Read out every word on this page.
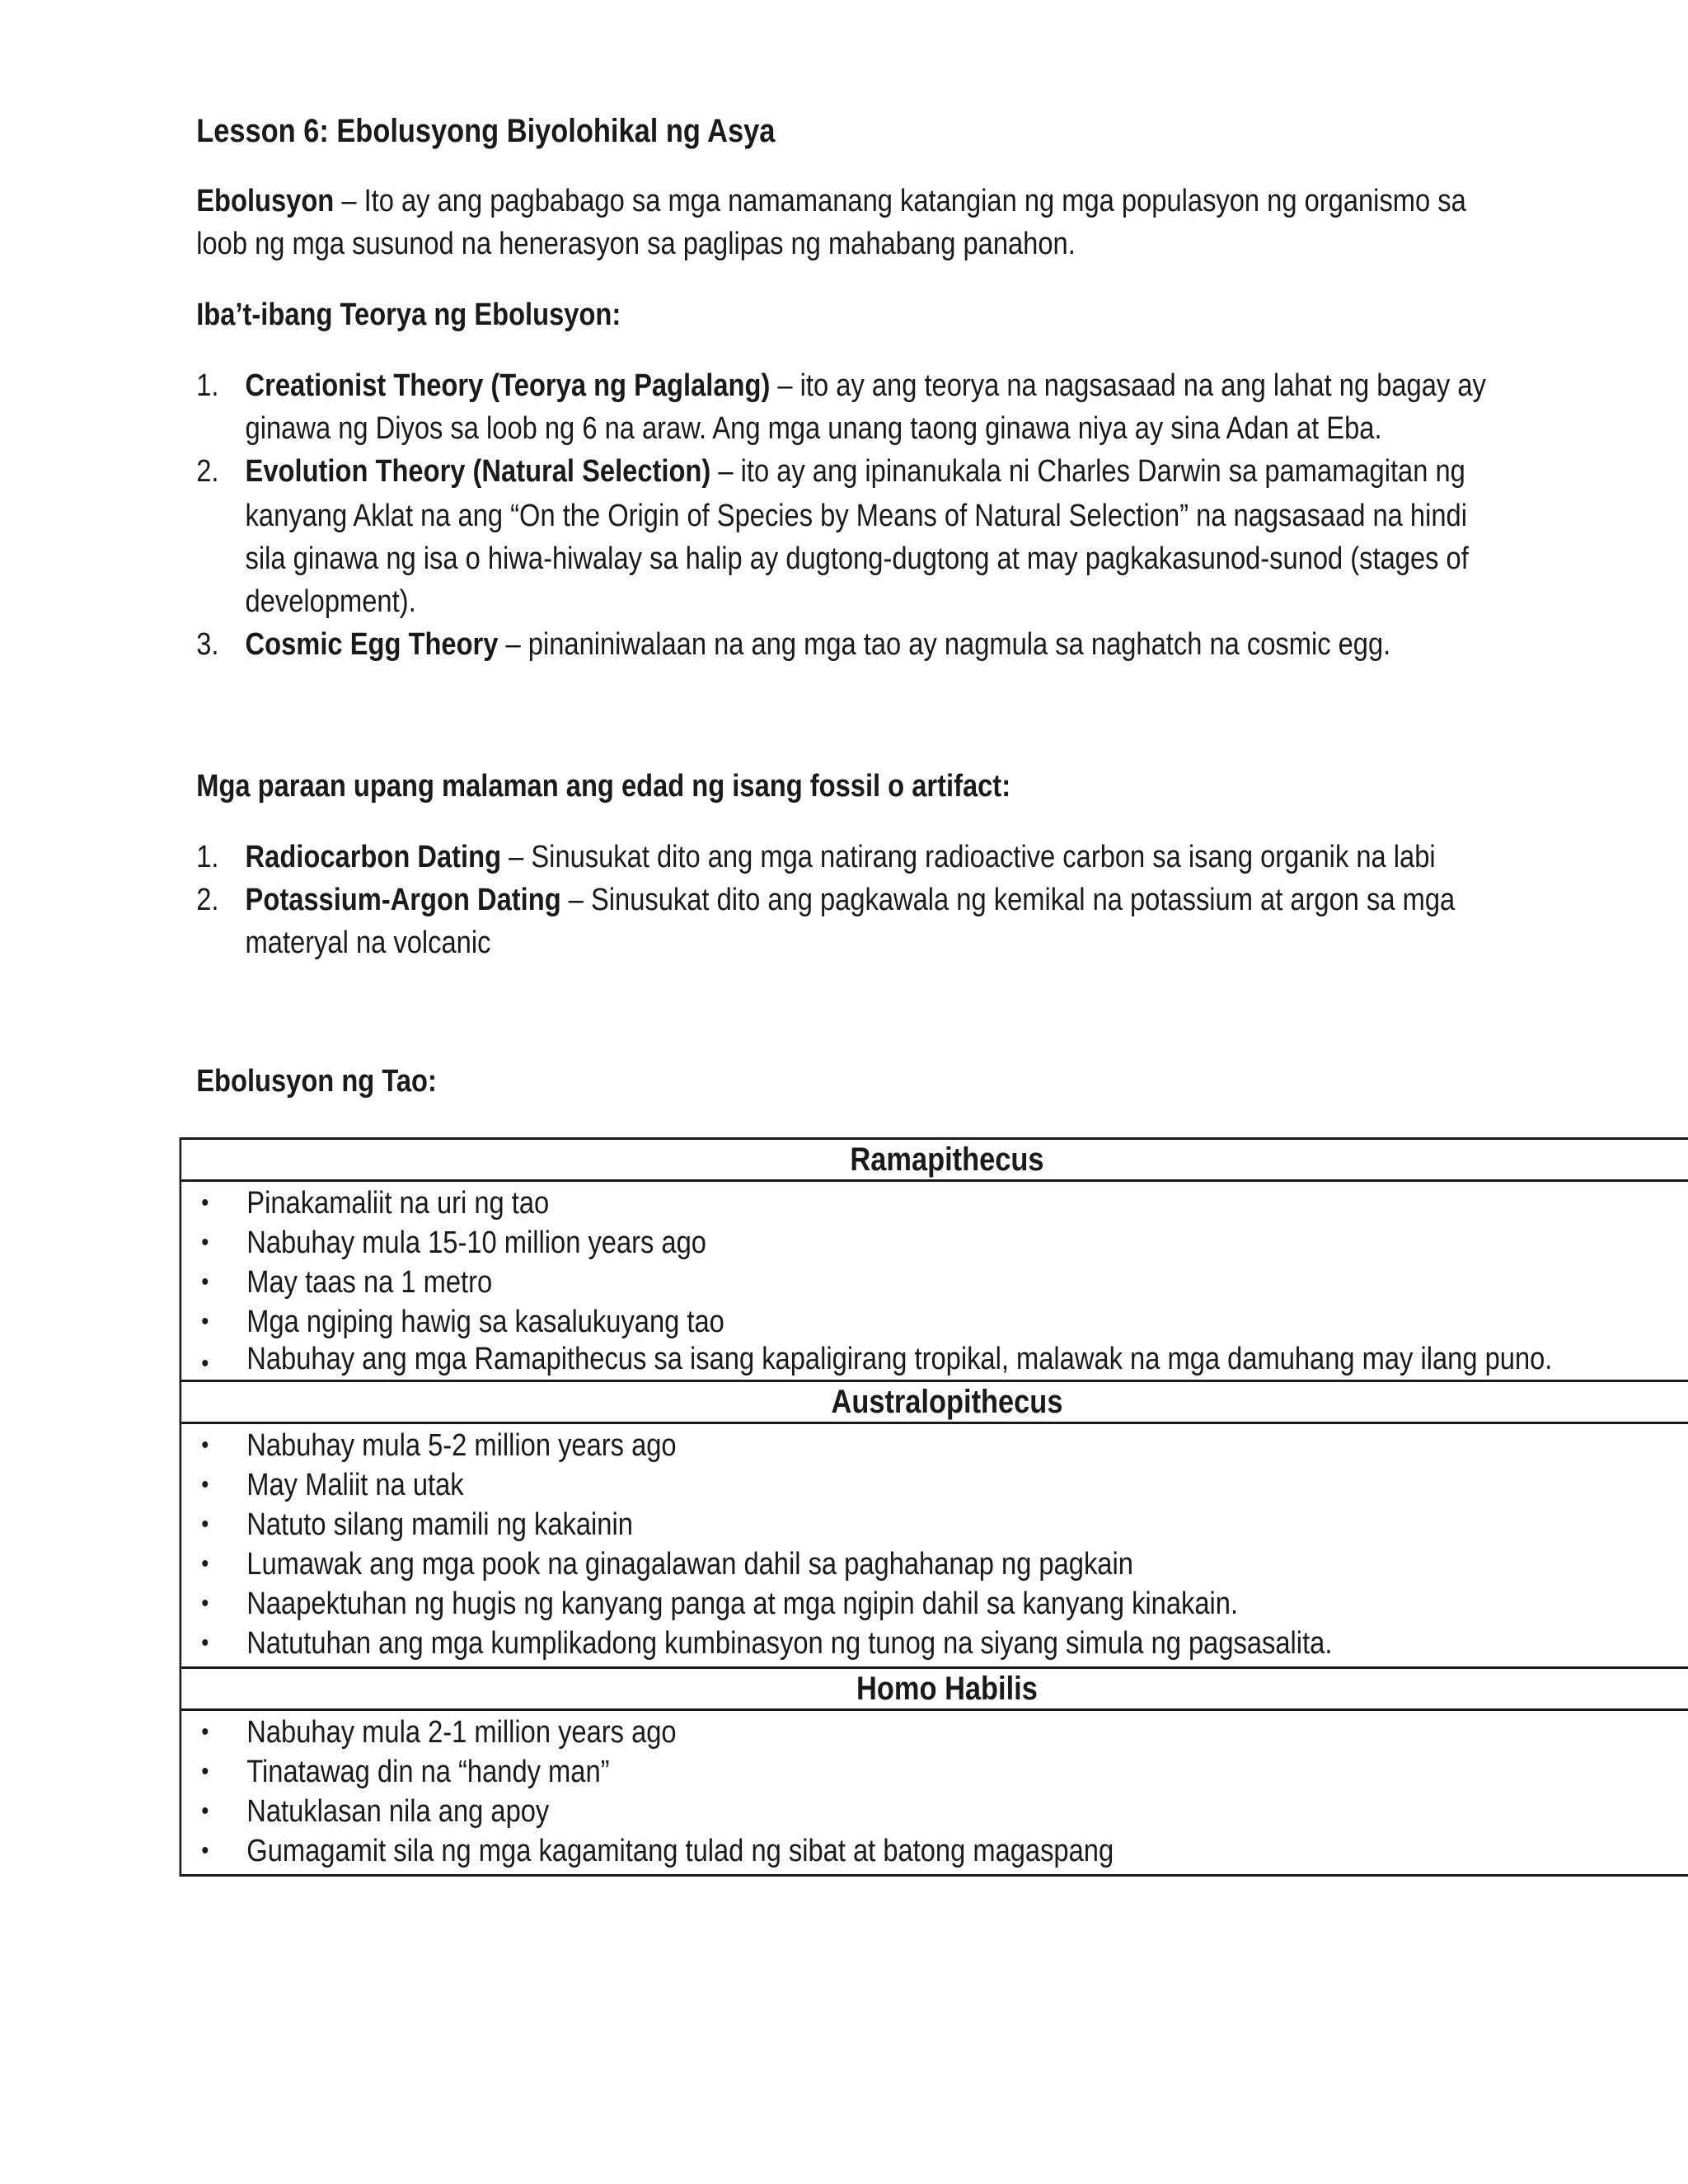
Lesson 6: Ebolusyong Biyolohikal ng Asya

Ebolusyon – Ito ay ang pagbabago sa mga namamanang katangian ng mga populasyon ng organismo sa

loob ng mga susunod na henerasyon sa paglipas ng mahabang panahon.

Iba’t-ibang Teorya ng Ebolusyon:

1. Creationist Theory (Teorya ng Paglalang) – ito ay ang teorya na nagsasaad na ang lahat ng bagay ay

ginawa ng Diyos sa loob ng 6 na araw. Ang mga unang taong ginawa niya ay sina Adan at Eba.

2. Evolution Theory (Natural Selection) – ito ay ang ipinanukala ni Charles Darwin sa pamamagitan ng

kanyang Aklat na ang “On the Origin of Species by Means of Natural Selection” na nagsasaad na hindi

sila ginawa ng isa o hiwa-hiwalay sa halip ay dugtong-dugtong at may pagkakasunod-sunod (stages of

development).

3. Cosmic Egg Theory – pinaniniwalaan na ang mga tao ay nagmula sa naghatch na cosmic egg.

Mga paraan upang malaman ang edad ng isang fossil o artifact:

1. Radiocarbon Dating – Sinusukat dito ang mga natirang radioactive carbon sa isang organik na labi

2. Potassium-Argon Dating – Sinusukat dito ang pagkawala ng kemikal na potassium at argon sa mga

materyal na volcanic

Ebolusyon ng Tao:

Ramapithecus
• Pinakamaliit na uri ng tao
• Nabuhay mula 15-10 million years ago
• May taas na 1 metro
• Mga ngiping hawig sa kasalukuyang tao
• Nabuhay ang mga Ramapithecus sa isang kapaligirang tropikal, malawak na mga damuhang may ilang puno.
Australopithecus
• Nabuhay mula 5-2 million years ago
• May Maliit na utak
• Natuto silang mamili ng kakainin
• Lumawak ang mga pook na ginagalawan dahil sa paghahanap ng pagkain
• Naapektuhan ng hugis ng kanyang panga at mga ngipin dahil sa kanyang kinakain.
• Natutuhan ang mga kumplikadong kumbinasyon ng tunog na siyang simula ng pagsasalita.
Homo Habilis
• Nabuhay mula 2-1 million years ago
• Tinatawag din na “handy man”
• Natuklasan nila ang apoy
• Gumagamit sila ng mga kagamitang tulad ng sibat at batong magaspang
